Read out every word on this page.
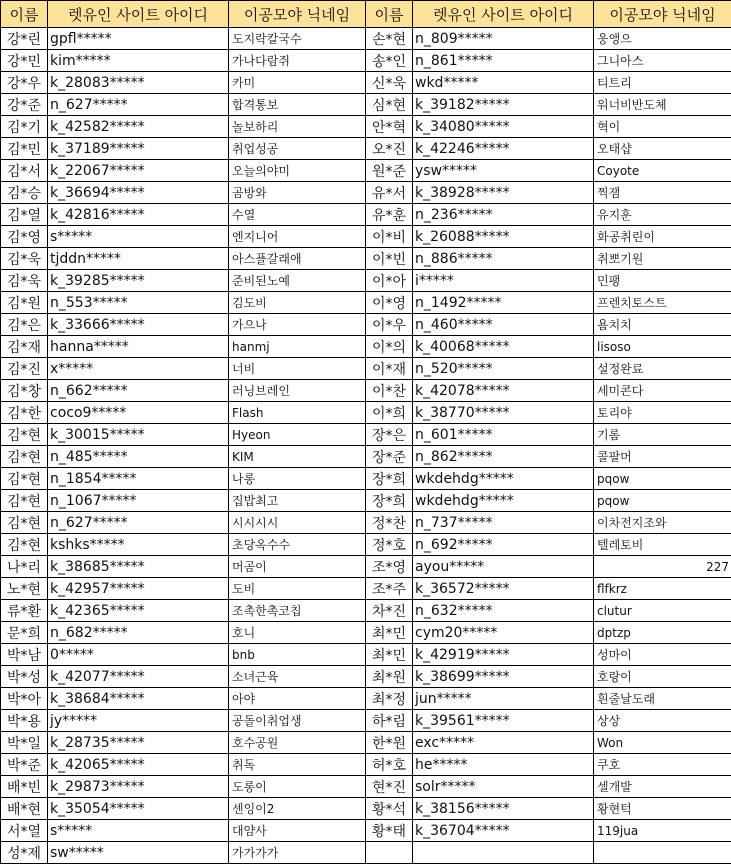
이름	렛유인 사이트 아이디	이공모야 닉네임	이름	렛유인 사이트 아이디	이공모야 닉네임
강*린	gpfl*****	도지락칼국수	손*현	n_809*****	웅앵으
강*민	kim*****	가나다람쥐	송*인	n_861*****	그니아스
강*우	k_28083*****	카미	신*욱	wkd*****	티트리
강*준	n_627*****	합격통보	심*현	k_39182*****	워너비반도체
김*기	k_42582*****	놀보하리	안*혁	k_34080*****	혁이
김*민	k_37189*****	취업성공	오*진	k_42246*****	오태샵
김*서	k_22067*****	오늘의야미	원*준	ysw*****	Coyote
김*승	k_36694*****	곰방와	유*서	k_38928*****	찍잼
김*열	k_42816*****	수열	유*훈	n_236*****	유지훈
김*영	s*****	엔지니어	이*비	k_26088*****	화공취린이
김*욱	tjddn*****	아스플갈래애	이*빈	n_886*****	취뽀기원
김*욱	k_39285*****	준비된노예	이*아	i*****	민팽
김*원	n_553*****	김도비	이*영	n_1492*****	프렌치토스트
김*은	k_33666*****	가으나	이*우	n_460*****	욤치치
김*재	hanna*****	hanmj	이*의	k_40068*****	lisoso
김*진	x*****	너비	이*재	n_520*****	설정완료
김*창	n_662*****	러닝브레인	이*찬	k_42078*****	세미콘다
김*한	coco9*****	Flash	이*희	k_38770*****	토리야
김*현	k_30015*****	Hyeon	장*은	n_601*****	기롬
김*현	n_485*****	KIM	장*준	n_862*****	콜팔머
김*현	n_1854*****	나롱	장*희	wkdehdg*****	pqow
김*현	n_1067*****	집밥최고	장*희	wkdehdg*****	pqow
김*현	n_627*****	시시시시	정*찬	n_737*****	이차전지조와
김*현	kshks*****	초당옥수수	정*호	n_692*****	텔레토비
나*리	k_38685*****	머곰이	조*영	ayou*****	227
노*현	k_42957*****	도비	조*주	k_36572*****	flfkrz
류*환	k_42365*****	조촉한촉코칩	차*진	n_632*****	clutur
문*희	n_682*****	호니	최*민	cym20*****	dptzp
박*남	0*****	bnb	최*민	k_42919*****	성마이
박*성	k_42077*****	소녀근육	최*원	k_38699*****	호랑이
박*아	k_38684*****	아야	최*정	jun*****	흰줄날도래
박*용	jy*****	공돌이취업생	하*림	k_39561*****	상상
박*일	k_28735*****	호수공원	한*원	exc*****	Won
박*준	k_42065*****	취독	허*호	he*****	쿠호
배*빈	k_29873*****	도롱이	현*진	solr*****	셀개발
배*현	k_35054*****	센잉이2	황*석	k_38156*****	황현턱
서*열	s*****	대얌사	황*태	k_36704*****	119jua
성*제	sw*****	가가가가			
